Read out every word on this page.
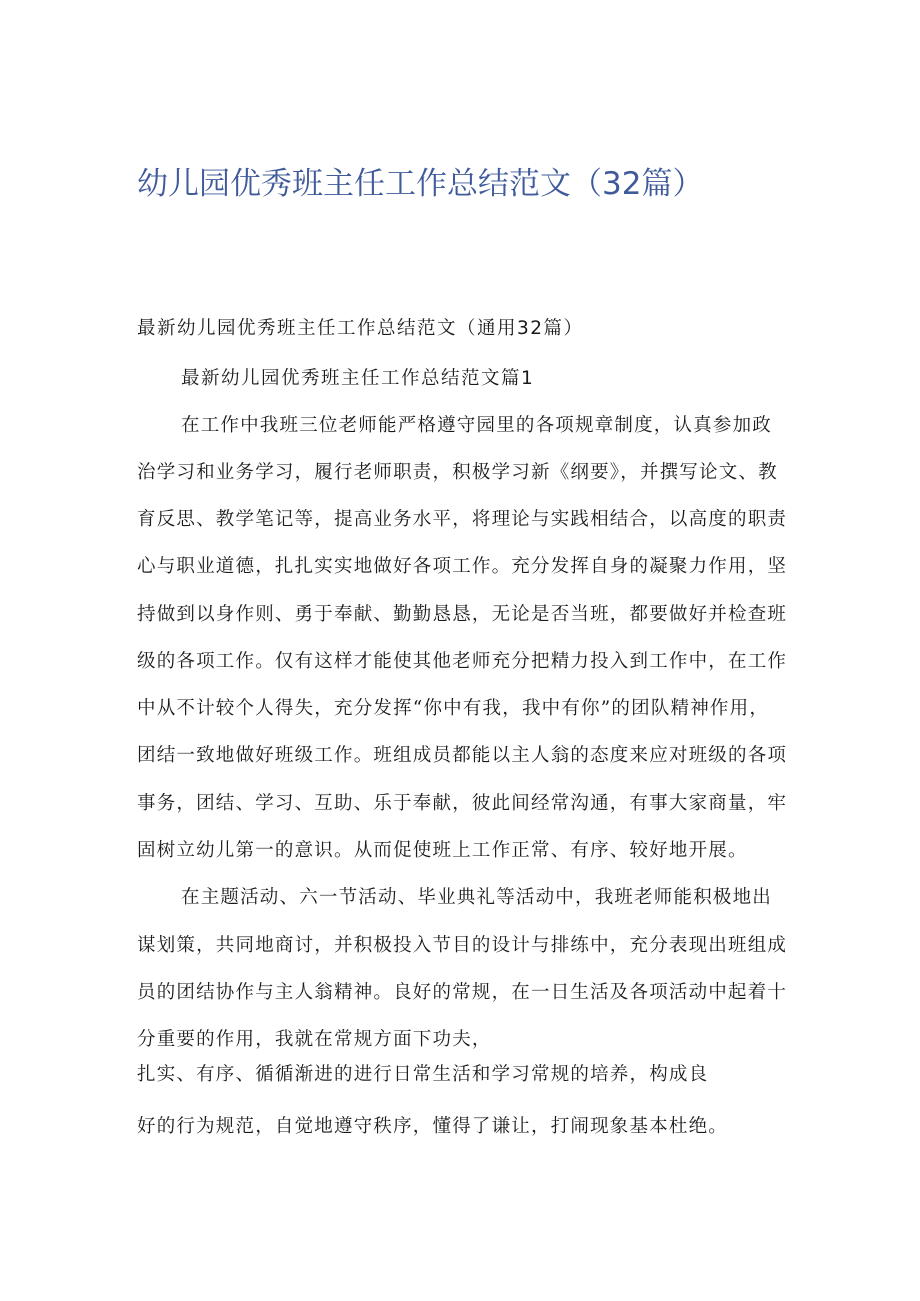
幼儿园优秀班主任工作总结范文（32篇）
最新幼儿园优秀班主任工作总结范文（通用32篇）
最新幼儿园优秀班主任工作总结范文篇1
在工作中我班三位老师能严格遵守园里的各项规章制度，认真参加政
治学习和业务学习，履行老师职责，积极学习新《纲要》，并撰写论文、教
育反思、教学笔记等，提高业务水平，将理论与实践相结合，以高度的职责
心与职业道德，扎扎实实地做好各项工作。充分发挥自身的凝聚力作用，坚
持做到以身作则、勇于奉献、勤勤恳恳，无论是否当班，都要做好并检查班
级的各项工作。仅有这样才能使其他老师充分把精力投入到工作中，在工作
中从不计较个人得失，充分发挥“你中有我，我中有你”的团队精神作用，
团结一致地做好班级工作。班组成员都能以主人翁的态度来应对班级的各项
事务，团结、学习、互助、乐于奉献，彼此间经常沟通，有事大家商量，牢
固树立幼儿第一的意识。从而促使班上工作正常、有序、较好地开展。
在主题活动、六一节活动、毕业典礼等活动中，我班老师能积极地出
谋划策，共同地商讨，并积极投入节目的设计与排练中，充分表现出班组成
员的团结协作与主人翁精神。良好的常规，在一日生活及各项活动中起着十
分重要的作用，我就在常规方面下功夫，
扎实、有序、循循渐进的进行日常生活和学习常规的培养，构成良
好的行为规范，自觉地遵守秩序，懂得了谦让，打闹现象基本杜绝。
